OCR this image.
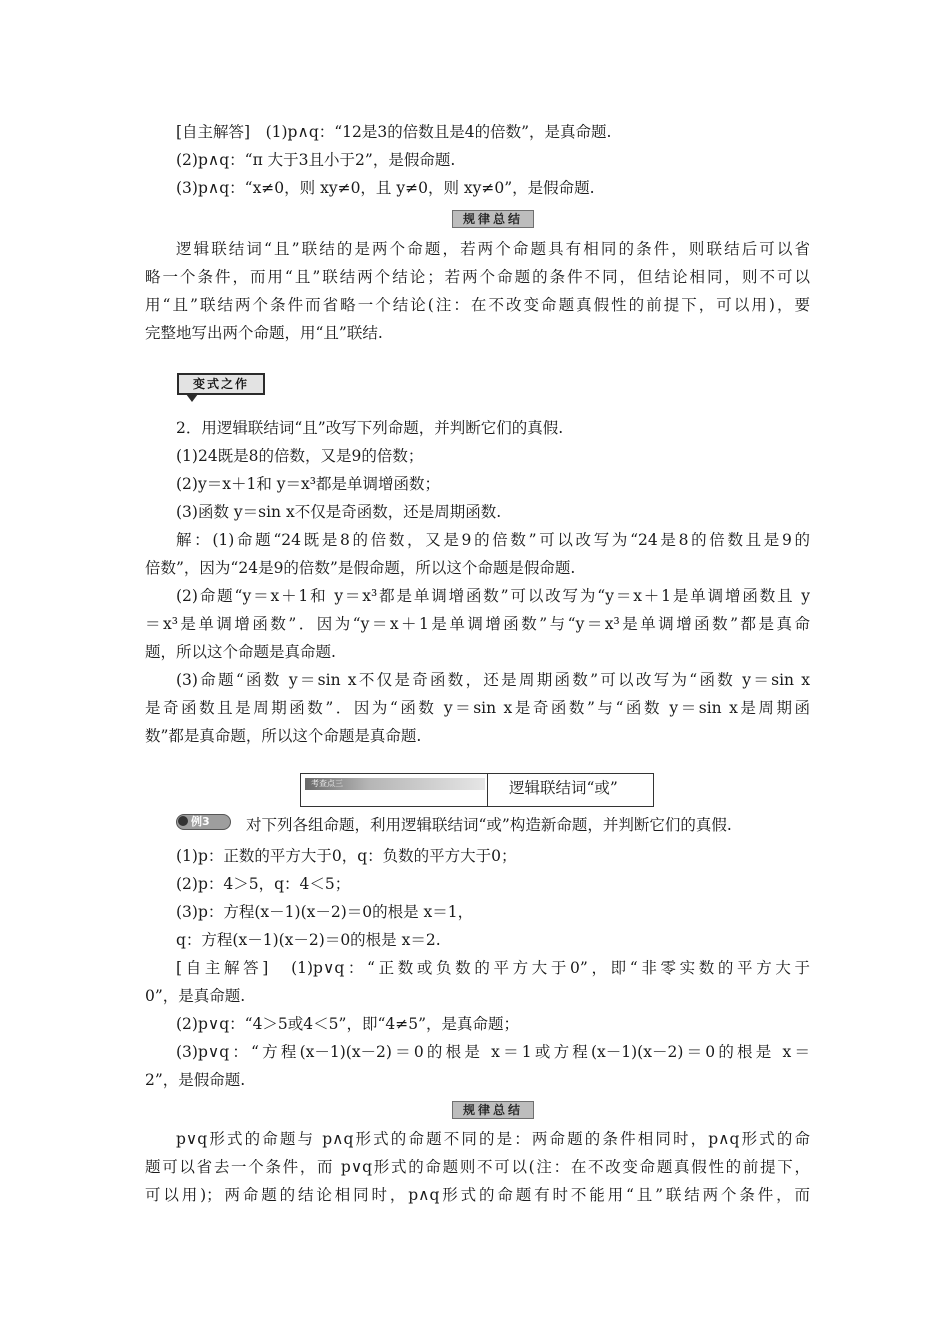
[自主解答]　(1)p∧q：“12是3的倍数且是4的倍数”，是真命题.
(2)p∧q：“π 大于3且小于2”，是假命题.
(3)p∧q：“x≠0，则 xy≠0，且 y≠0，则 xy≠0”，是假命题.
规律总结
逻辑联结词“且”联结的是两个命题，若两个命题具有相同的条件，则联结后可以省
略一个条件，而用“且”联结两个结论；若两个命题的条件不同，但结论相同，则不可以
用“且”联结两个条件而省略一个结论(注：在不改变命题真假性的前提下，可以用)，要
完整地写出两个命题，用“且”联结.
变式之作
2．用逻辑联结词“且”改写下列命题，并判断它们的真假.
(1)24既是8的倍数，又是9的倍数；
(2)y＝x＋1和 y＝x³都是单调增函数；
(3)函数 y＝sin x不仅是奇函数，还是周期函数.
解：(1)命题“24既是8的倍数，又是9的倍数”可以改写为“24是8的倍数且是9的
倍数”，因为“24是9的倍数”是假命题，所以这个命题是假命题.
(2)命题“y＝x＋1和 y＝x³都是单调增函数”可以改写为“y＝x＋1是单调增函数且 y
＝x³是单调增函数”．因为“y＝x＋1是单调增函数”与“y＝x³是单调增函数”都是真命
题，所以这个命题是真命题.
(3)命题“函数 y＝sin x不仅是奇函数，还是周期函数”可以改写为“函数 y＝sin x
是奇函数且是周期函数”．因为“函数 y＝sin x是奇函数”与“函数 y＝sin x是周期函
数”都是真命题，所以这个命题是真命题.
考查点三	逻辑联结词“或”
例3	对下列各组命题，利用逻辑联结词“或”构造新命题，并判断它们的真假.
(1)p：正数的平方大于0，q：负数的平方大于0；
(2)p：4＞5，q：4＜5；
(3)p：方程(x－1)(x－2)＝0的根是 x＝1，
q：方程(x－1)(x－2)＝0的根是 x＝2.
[自主解答]　(1)p∨q：“正数或负数的平方大于0”，即“非零实数的平方大于
0”，是真命题.
(2)p∨q：“4＞5或4＜5”，即“4≠5”，是真命题；
(3)p∨q：“方程(x－1)(x－2)＝0的根是 x＝1或方程(x－1)(x－2)＝0的根是 x＝
2”，是假命题.
规律总结
p∨q形式的命题与 p∧q形式的命题不同的是：两命题的条件相同时，p∧q形式的命
题可以省去一个条件，而 p∨q形式的命题则不可以(注：在不改变命题真假性的前提下，
可以用)；两命题的结论相同时，p∧q形式的命题有时不能用“且”联结两个条件，而
